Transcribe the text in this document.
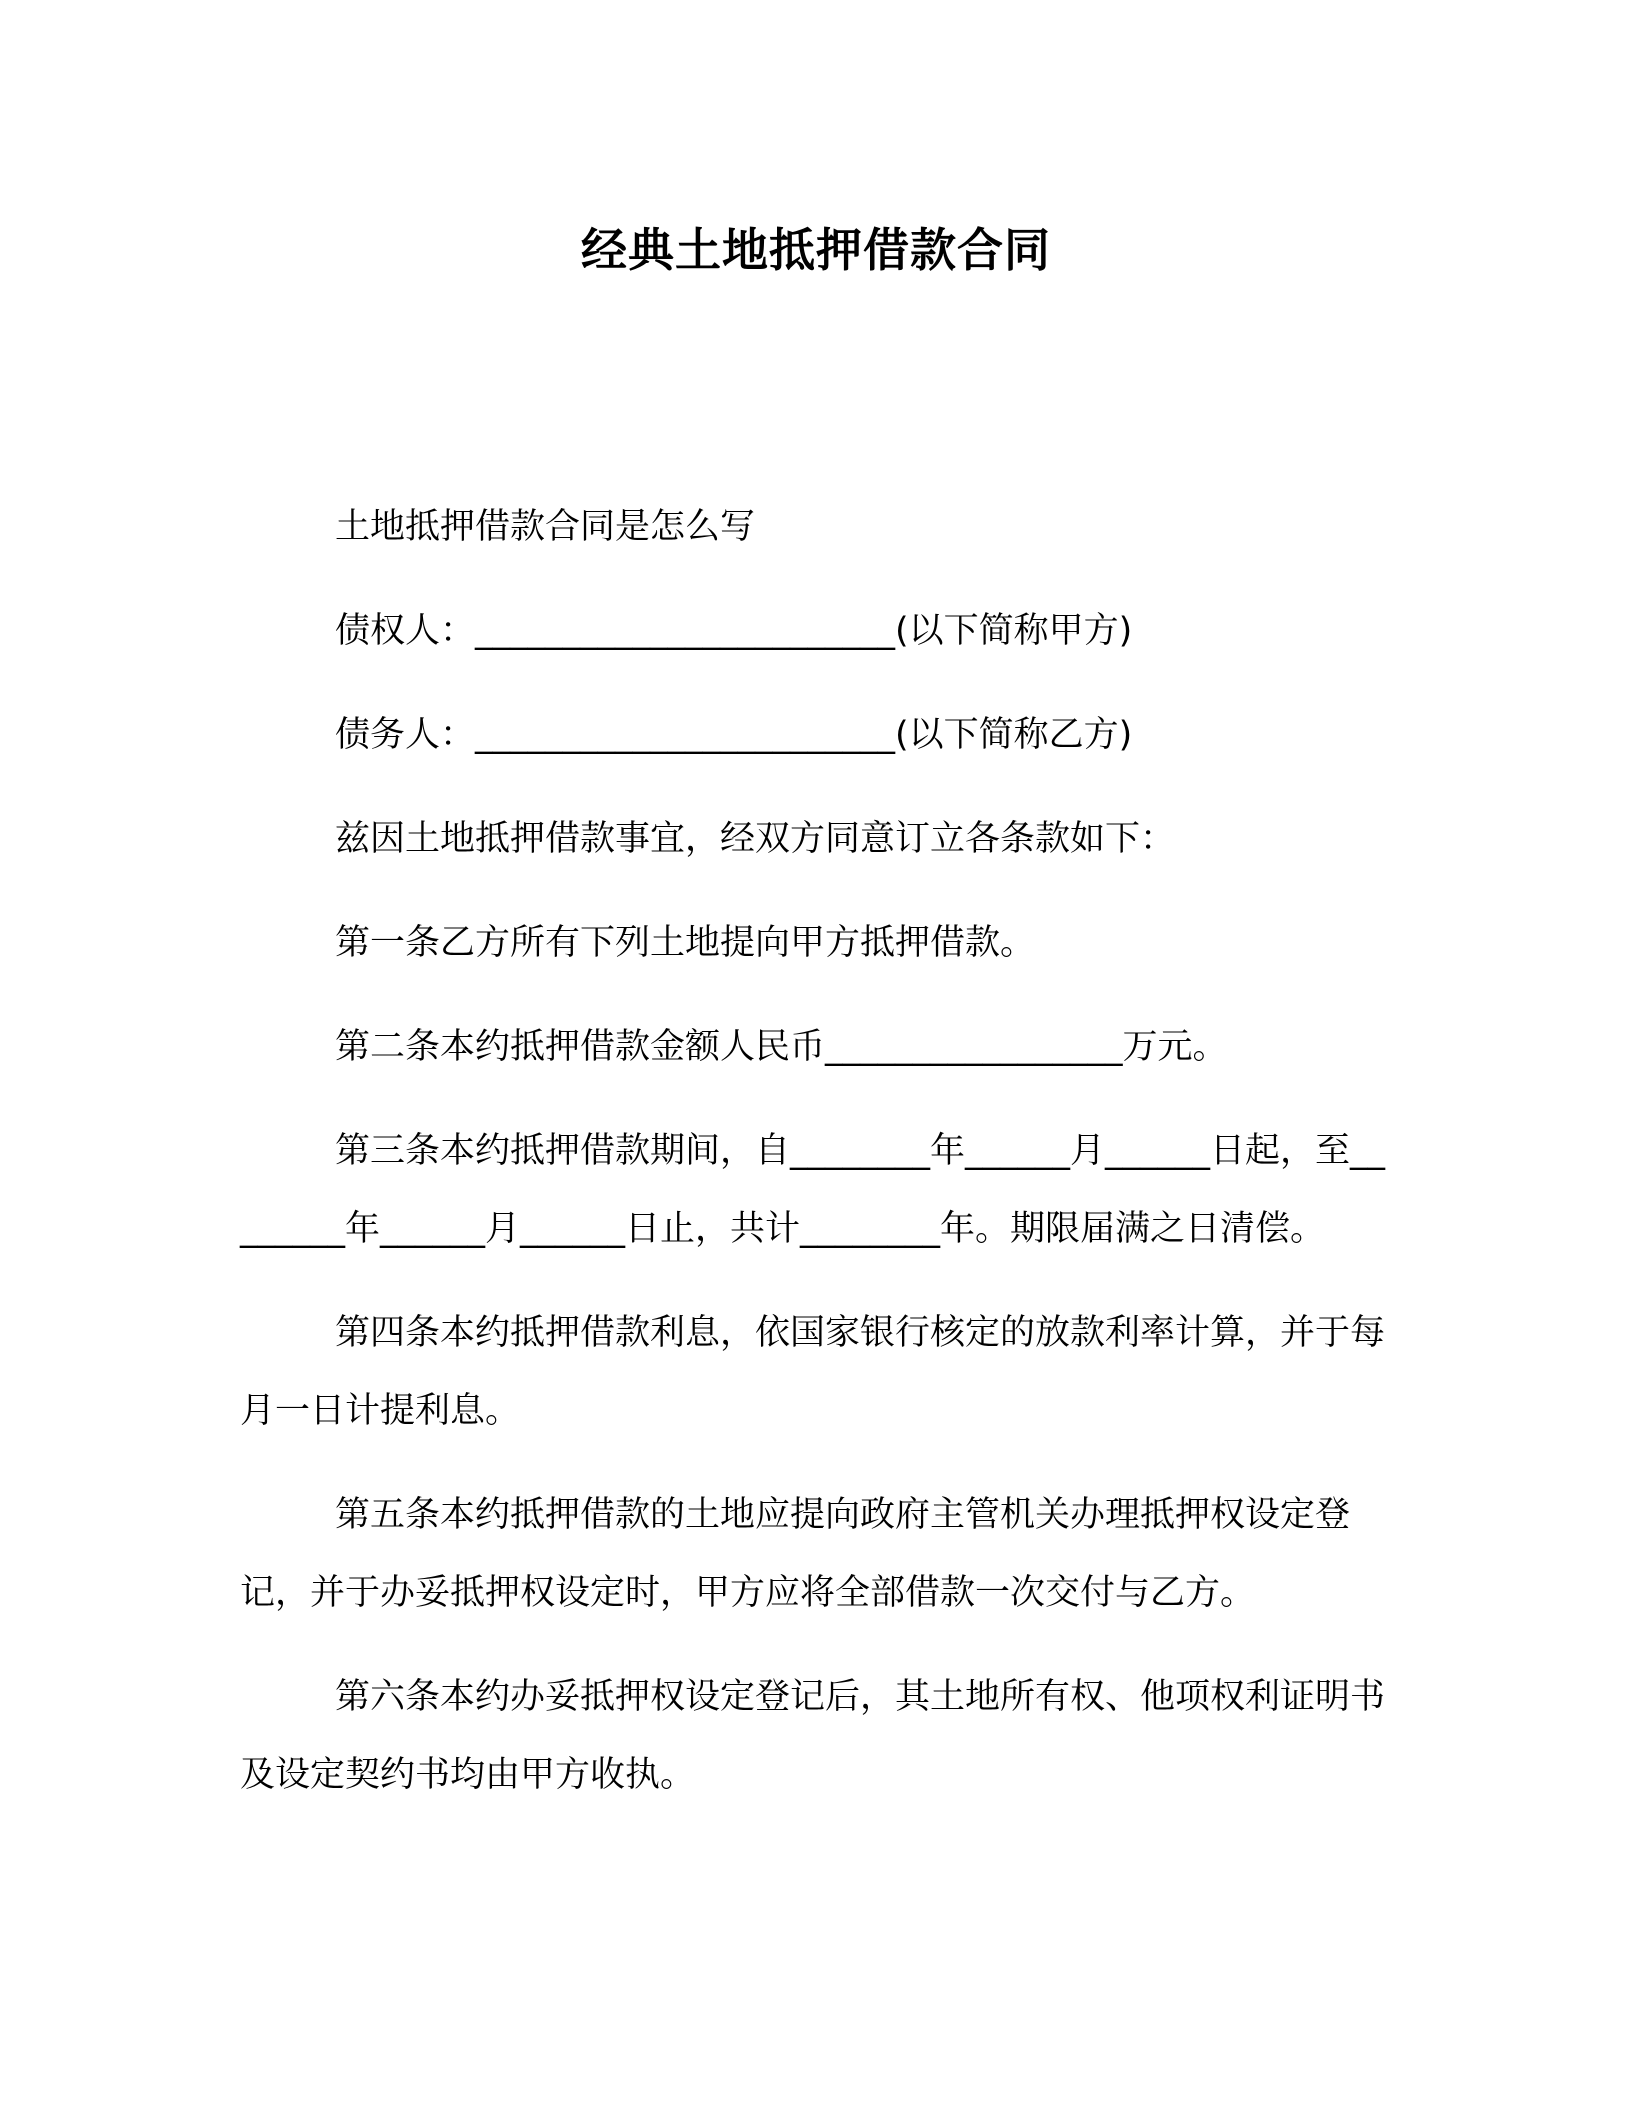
经典土地抵押借款合同

土地抵押借款合同是怎么写

债权人：________________________(以下简称甲方)

债务人：________________________(以下简称乙方)

兹因土地抵押借款事宜，经双方同意订立各条款如下：

第一条乙方所有下列土地提向甲方抵押借款。

第二条本约抵押借款金额人民币_________________万元。

第三条本约抵押借款期间，自________年______月______日起，至________年______月______日止，共计________年。期限届满之日清偿。

第四条本约抵押借款利息，依国家银行核定的放款利率计算，并于每月一日计提利息。

第五条本约抵押借款的土地应提向政府主管机关办理抵押权设定登记，并于办妥抵押权设定时，甲方应将全部借款一次交付与乙方。

第六条本约办妥抵押权设定登记后，其土地所有权、他项权利证明书及设定契约书均由甲方收执。
